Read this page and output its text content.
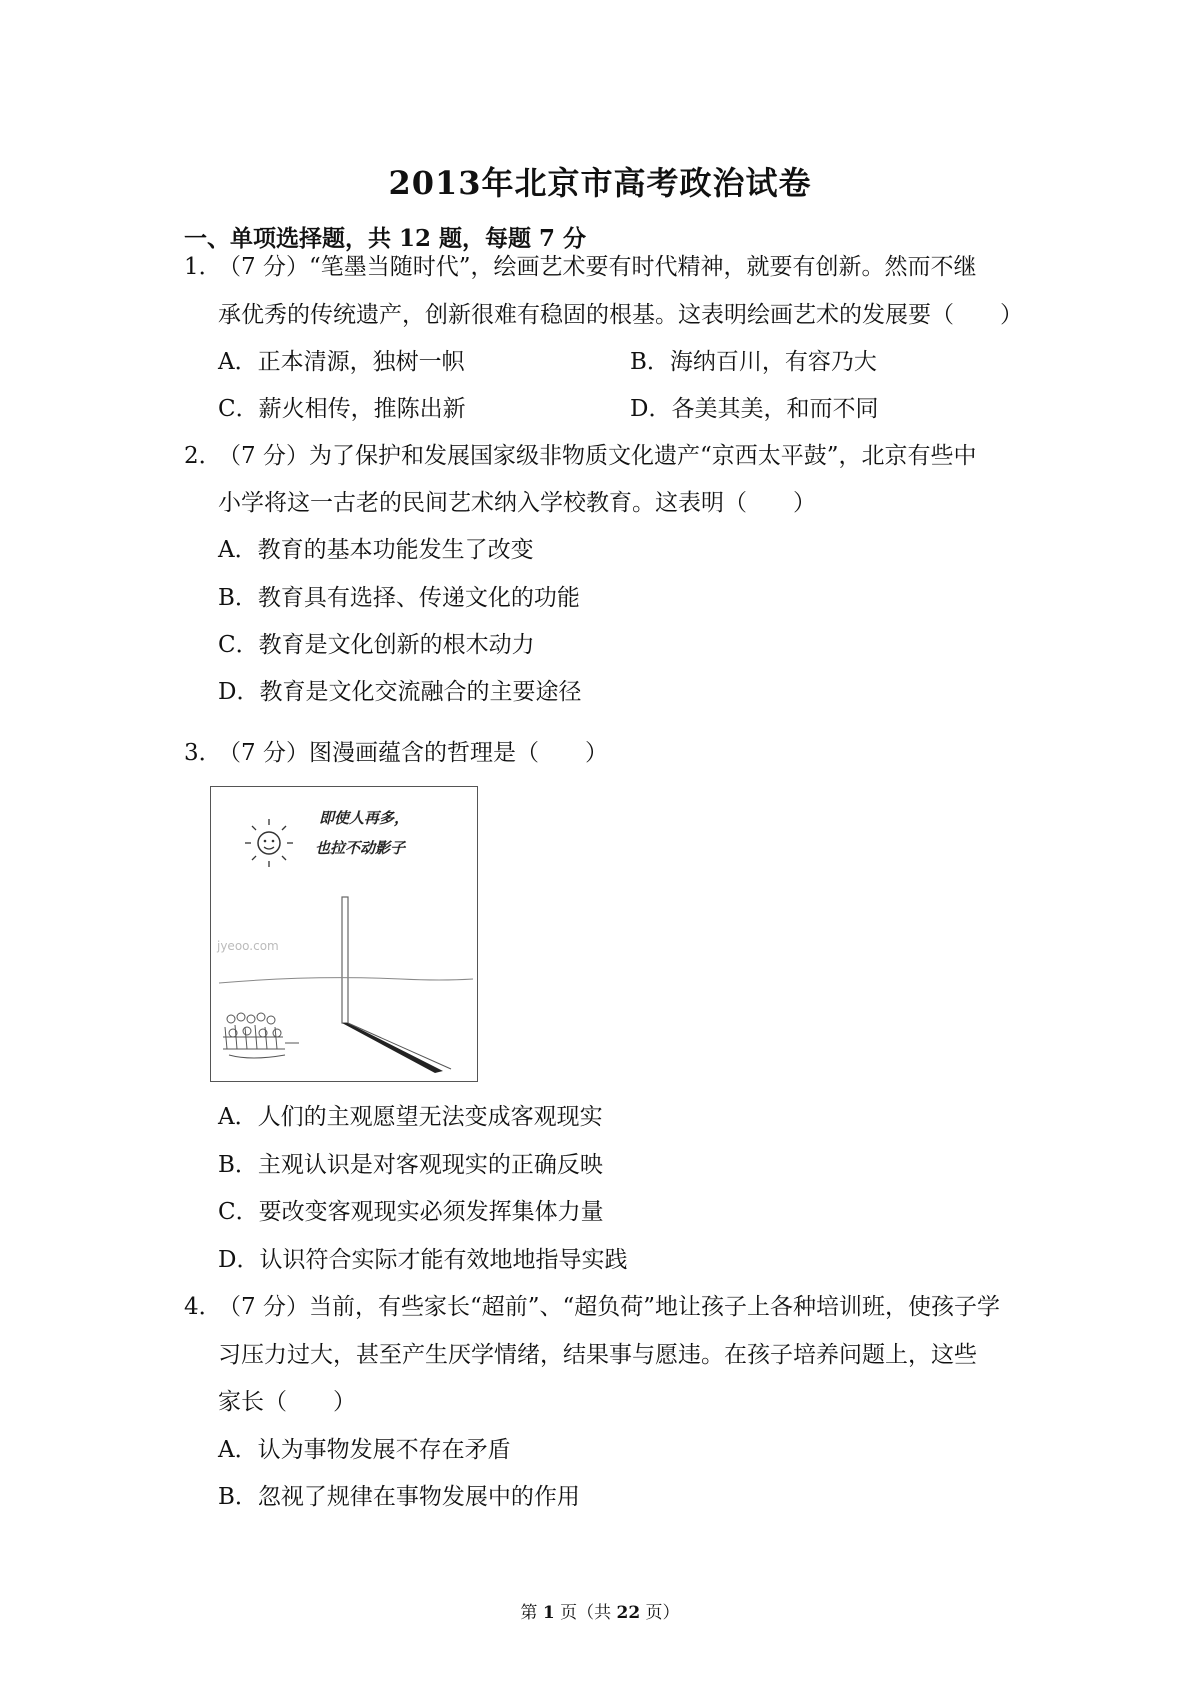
2013年北京市高考政治试卷
一、单项选择题，共 12 题，每题 7 分
1．
（7 分）“笔墨当随时代”，绘画艺术要有时代精神，就要有创新。然而不继
承优秀的传统遗产，创新很难有稳固的根基。这表明绘画艺术的发展要（　　）
A．正本清源，独树一帜	B．海纳百川，有容乃大
C．薪火相传，推陈出新	D．各美其美，和而不同
2．
（7 分）为了保护和发展国家级非物质文化遗产“京西太平鼓”，北京有些中
小学将这一古老的民间艺术纳入学校教育。这表明（　　）
A．教育的基本功能发生了改变
B．教育具有选择、传递文化的功能
C．教育是文化创新的根木动力
D．教育是文化交流融合的主要途径
3．
（7 分）图漫画蕴含的哲理是（　　）
即使人再多，
也拉不动影子
jyeoo.com
A．人们的主观愿望无法变成客观现实
B．主观认识是对客观现实的正确反映
C．要改变客观现实必须发挥集体力量
D．认识符合实际才能有效地地指导实践
4．
（7 分）当前，有些家长“超前”、“超负荷”地让孩子上各种培训班，使孩子学
习压力过大，甚至产生厌学情绪，结果事与愿违。在孩子培养问题上，这些
家长（　　）
A．认为事物发展不存在矛盾
B．忽视了规律在事物发展中的作用
第 1 页（共 22 页）
